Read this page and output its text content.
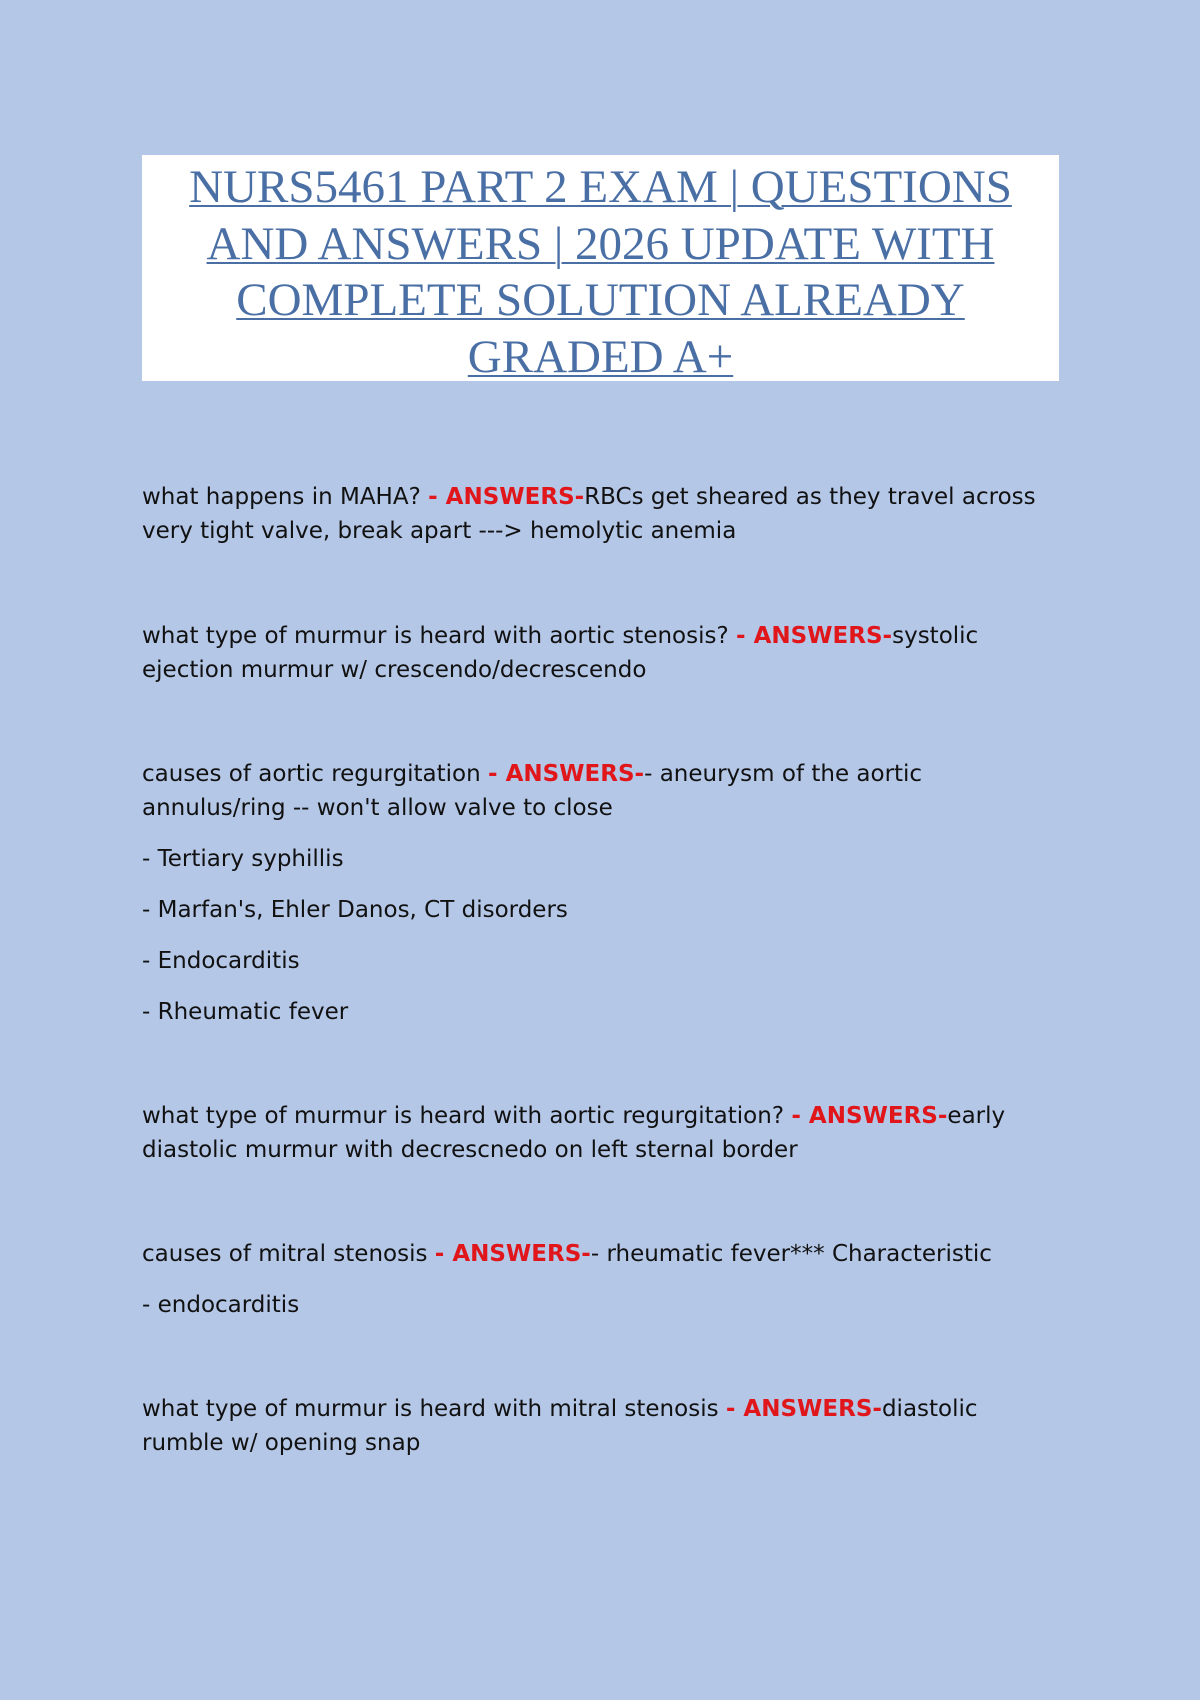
NURS5461 PART 2 EXAM | QUESTIONS
AND ANSWERS | 2026 UPDATE WITH
COMPLETE SOLUTION ALREADY
GRADED A+
what happens in MAHA? - ANSWERS-RBCs get sheared as they travel across
very tight valve, break apart ---> hemolytic anemia
what type of murmur is heard with aortic stenosis? - ANSWERS-systolic
ejection murmur w/ crescendo/decrescendo
causes of aortic regurgitation - ANSWERS-- aneurysm of the aortic
annulus/ring -- won't allow valve to close
- Tertiary syphillis
- Marfan's, Ehler Danos, CT disorders
- Endocarditis
- Rheumatic fever
what type of murmur is heard with aortic regurgitation? - ANSWERS-early
diastolic murmur with decrescnedo on left sternal border
causes of mitral stenosis - ANSWERS-- rheumatic fever*** Characteristic
- endocarditis
what type of murmur is heard with mitral stenosis - ANSWERS-diastolic
rumble w/ opening snap
